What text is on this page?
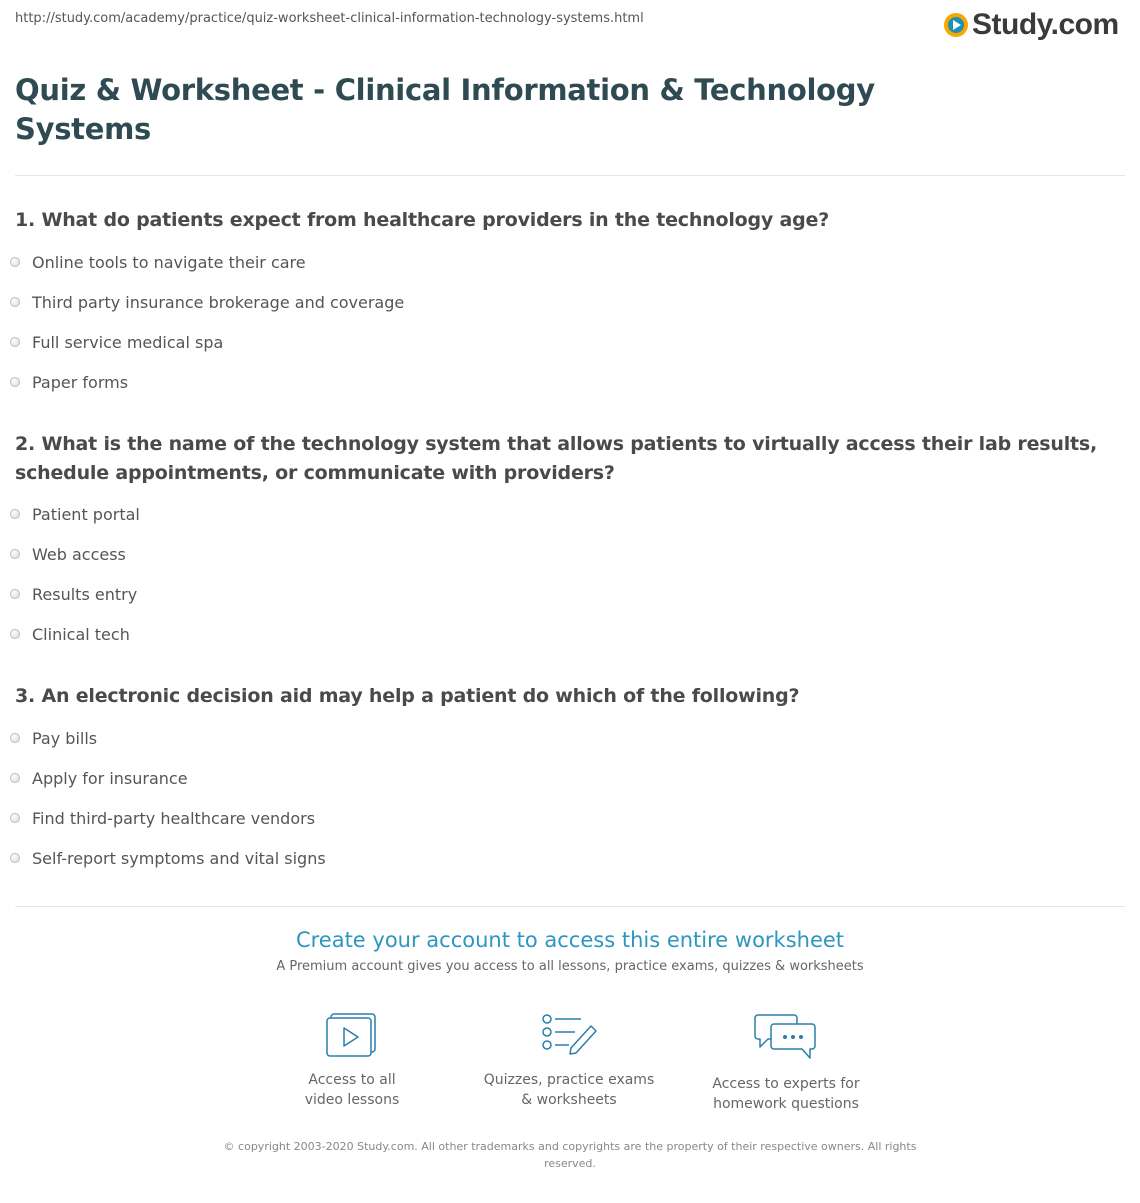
http://study.com/academy/practice/quiz-worksheet-clinical-information-technology-systems.html	Study.com
Quiz & Worksheet - Clinical Information & Technology Systems
1. What do patients expect from healthcare providers in the technology age?
Online tools to navigate their care
Third party insurance brokerage and coverage
Full service medical spa
Paper forms
2. What is the name of the technology system that allows patients to virtually access their lab results, schedule appointments, or communicate with providers?
Patient portal
Web access
Results entry
Clinical tech
3. An electronic decision aid may help a patient do which of the following?
Pay bills
Apply for insurance
Find third-party healthcare vendors
Self-report symptoms and vital signs
Create your account to access this entire worksheet
A Premium account gives you access to all lessons, practice exams, quizzes & worksheets
Access to all
video lessons
Quizzes, practice exams
& worksheets
Access to experts for
homework questions
© copyright 2003-2020 Study.com. All other trademarks and copyrights are the property of their respective owners. All rights
reserved.
